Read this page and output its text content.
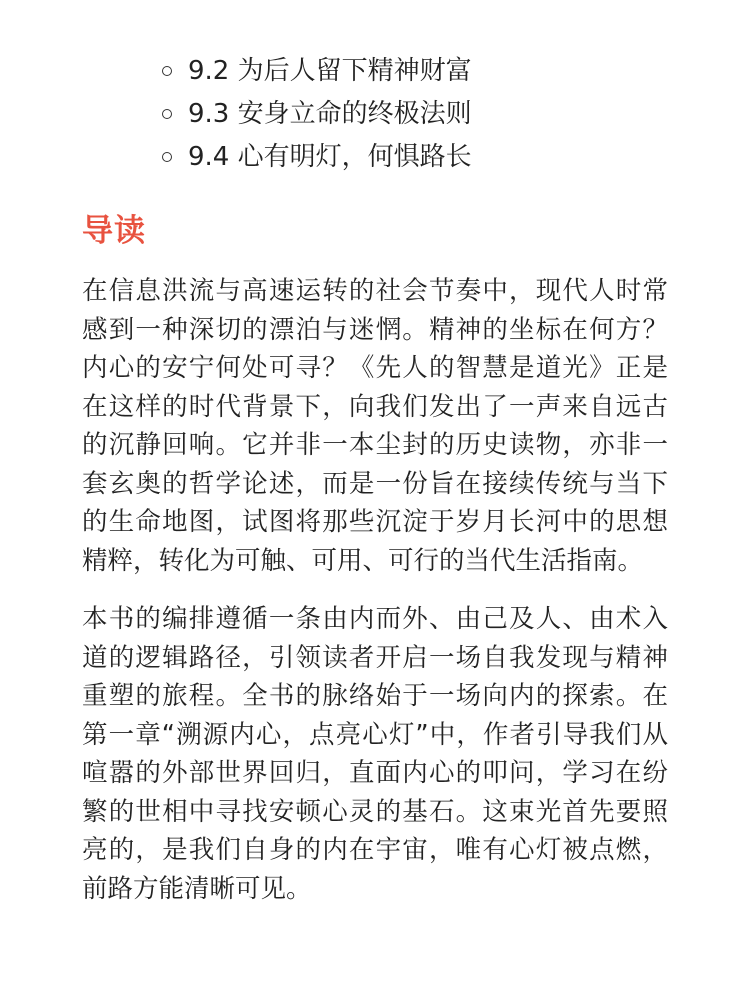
9.2 为后人留下精神财富
9.3 安身立命的终极法则
9.4 心有明灯，何惧路长
导读

在信息洪流与高速运转的社会节奏中，现代人时常感到一种深切的漂泊与迷惘。精神的坐标在何方？内心的安宁何处可寻？《先人的智慧是道光》正是在这样的时代背景下，向我们发出了一声来自远古的沉静回响。它并非一本尘封的历史读物，亦非一套玄奥的哲学论述，而是一份旨在接续传统与当下的生命地图，试图将那些沉淀于岁月长河中的思想精粹，转化为可触、可用、可行的当代生活指南。

本书的编排遵循一条由内而外、由己及人、由术入道的逻辑路径，引领读者开启一场自我发现与精神重塑的旅程。全书的脉络始于一场向内的探索。在第一章“溯源内心，点亮心灯”中，作者引导我们从喧嚣的外部世界回归，直面内心的叩问，学习在纷繁的世相中寻找安顿心灵的基石。这束光首先要照亮的，是我们自身的内在宇宙，唯有心灯被点燃，前路方能清晰可见。
